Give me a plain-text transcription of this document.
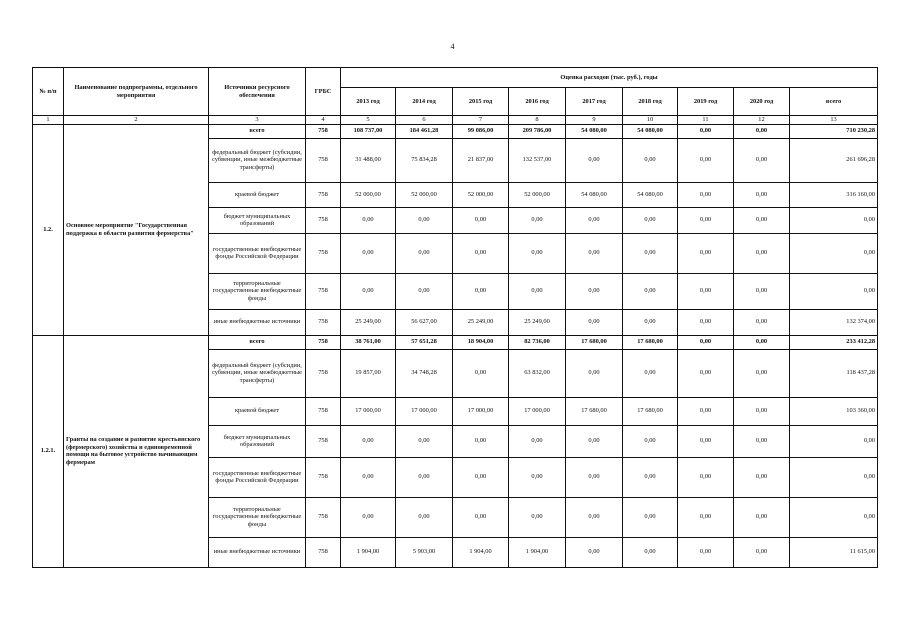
4
№ п/п	Наименование подпрограммы, отдельного мероприятия	Источники ресурсного обеспечения	ГРБС	Оценка расходов (тыс. руб.), годы								
				2013 год	2014 год	2015 год	2016 год	2017 год	2018 год	2019 год	2020 год	всего
1	2	3	4	5	6	7	8	9	10	11	12	13
1.2.	Основное мероприятие "Государственная поддержка в области развития фермерства"	всего	758	108 737,00	184 461,28	99 086,00	209 786,00	54 080,00	54 080,00	0,00	0,00	710 230,28
		федеральный бюджет (субсидии, субвенции, иные межбюджетные трансферты)	758	31 488,00	75 834,28	21 837,00	132 537,00	0,00	0,00	0,00	0,00	261 696,28
		краевой бюджет	758	52 000,00	52 000,00	52 000,00	52 000,00	54 080,00	54 080,00	0,00	0,00	316 160,00
		бюджет муниципальных образований	758	0,00	0,00	0,00	0,00	0,00	0,00	0,00	0,00	0,00
		государственные внебюджетные фонды Российской Федерации	758	0,00	0,00	0,00	0,00	0,00	0,00	0,00	0,00	0,00
		территориальные государственные внебюджетные фонды	758	0,00	0,00	0,00	0,00	0,00	0,00	0,00	0,00	0,00
		иные внебюджетные источники	758	25 249,00	56 627,00	25 249,00	25 249,00	0,00	0,00	0,00	0,00	132 374,00
1.2.1.	Гранты на создание и развитие крестьянского (фермерского) хозяйства и единовременной помощи на бытовое устройство начинающим фермерам	всего	758	38 761,00	57 651,28	18 904,00	82 736,00	17 680,00	17 680,00	0,00	0,00	233 412,28
		федеральный бюджет (субсидии, субвенции, иные межбюджетные трансферты)	758	19 857,00	34 748,28	0,00	63 832,00	0,00	0,00	0,00	0,00	118 437,28
		краевой бюджет	758	17 000,00	17 000,00	17 000,00	17 000,00	17 680,00	17 680,00	0,00	0,00	103 360,00
		бюджет муниципальных образований	758	0,00	0,00	0,00	0,00	0,00	0,00	0,00	0,00	0,00
		государственные внебюджетные фонды Российской Федерации	758	0,00	0,00	0,00	0,00	0,00	0,00	0,00	0,00	0,00
		территориальные государственные внебюджетные фонды	758	0,00	0,00	0,00	0,00	0,00	0,00	0,00	0,00	0,00
		иные внебюджетные источники	758	1 904,00	5 903,00	1 904,00	1 904,00	0,00	0,00	0,00	0,00	11 615,00
